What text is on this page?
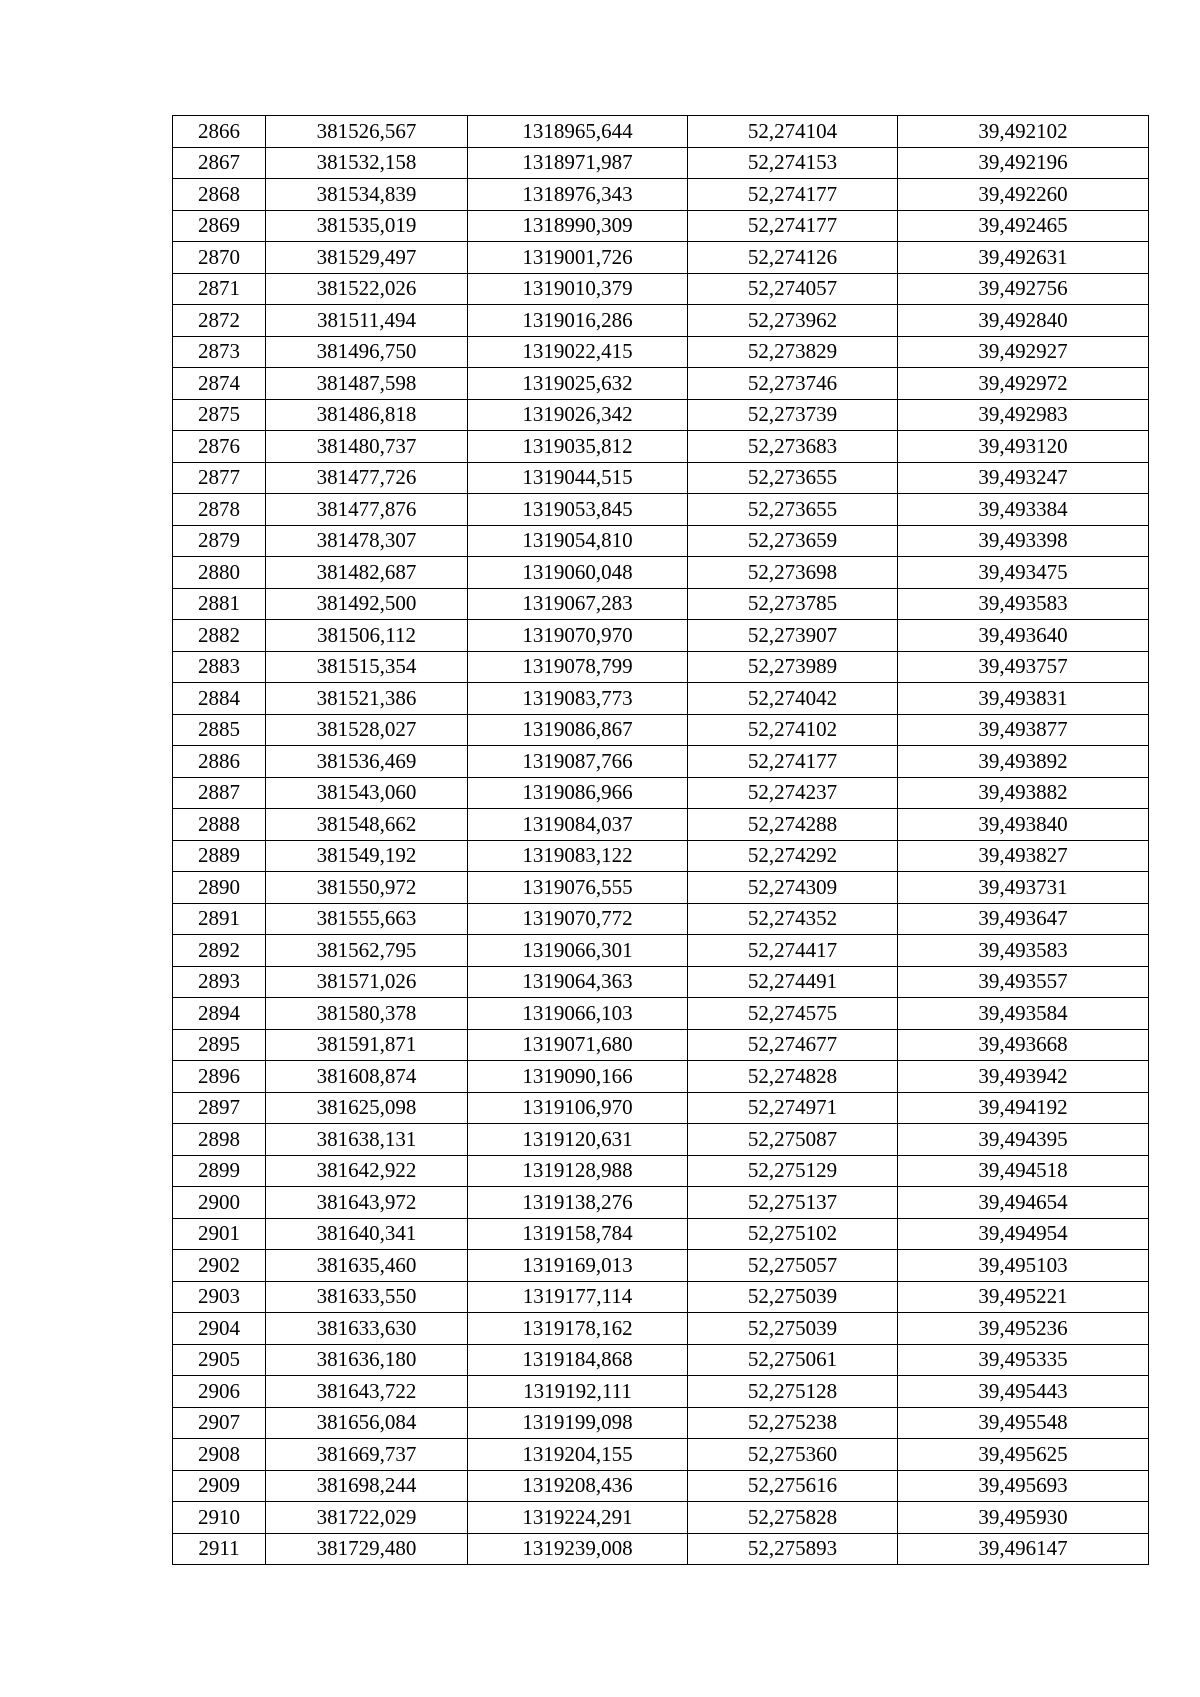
2866	381526,567	1318965,644	52,274104	39,492102
2867	381532,158	1318971,987	52,274153	39,492196
2868	381534,839	1318976,343	52,274177	39,492260
2869	381535,019	1318990,309	52,274177	39,492465
2870	381529,497	1319001,726	52,274126	39,492631
2871	381522,026	1319010,379	52,274057	39,492756
2872	381511,494	1319016,286	52,273962	39,492840
2873	381496,750	1319022,415	52,273829	39,492927
2874	381487,598	1319025,632	52,273746	39,492972
2875	381486,818	1319026,342	52,273739	39,492983
2876	381480,737	1319035,812	52,273683	39,493120
2877	381477,726	1319044,515	52,273655	39,493247
2878	381477,876	1319053,845	52,273655	39,493384
2879	381478,307	1319054,810	52,273659	39,493398
2880	381482,687	1319060,048	52,273698	39,493475
2881	381492,500	1319067,283	52,273785	39,493583
2882	381506,112	1319070,970	52,273907	39,493640
2883	381515,354	1319078,799	52,273989	39,493757
2884	381521,386	1319083,773	52,274042	39,493831
2885	381528,027	1319086,867	52,274102	39,493877
2886	381536,469	1319087,766	52,274177	39,493892
2887	381543,060	1319086,966	52,274237	39,493882
2888	381548,662	1319084,037	52,274288	39,493840
2889	381549,192	1319083,122	52,274292	39,493827
2890	381550,972	1319076,555	52,274309	39,493731
2891	381555,663	1319070,772	52,274352	39,493647
2892	381562,795	1319066,301	52,274417	39,493583
2893	381571,026	1319064,363	52,274491	39,493557
2894	381580,378	1319066,103	52,274575	39,493584
2895	381591,871	1319071,680	52,274677	39,493668
2896	381608,874	1319090,166	52,274828	39,493942
2897	381625,098	1319106,970	52,274971	39,494192
2898	381638,131	1319120,631	52,275087	39,494395
2899	381642,922	1319128,988	52,275129	39,494518
2900	381643,972	1319138,276	52,275137	39,494654
2901	381640,341	1319158,784	52,275102	39,494954
2902	381635,460	1319169,013	52,275057	39,495103
2903	381633,550	1319177,114	52,275039	39,495221
2904	381633,630	1319178,162	52,275039	39,495236
2905	381636,180	1319184,868	52,275061	39,495335
2906	381643,722	1319192,111	52,275128	39,495443
2907	381656,084	1319199,098	52,275238	39,495548
2908	381669,737	1319204,155	52,275360	39,495625
2909	381698,244	1319208,436	52,275616	39,495693
2910	381722,029	1319224,291	52,275828	39,495930
2911	381729,480	1319239,008	52,275893	39,496147
